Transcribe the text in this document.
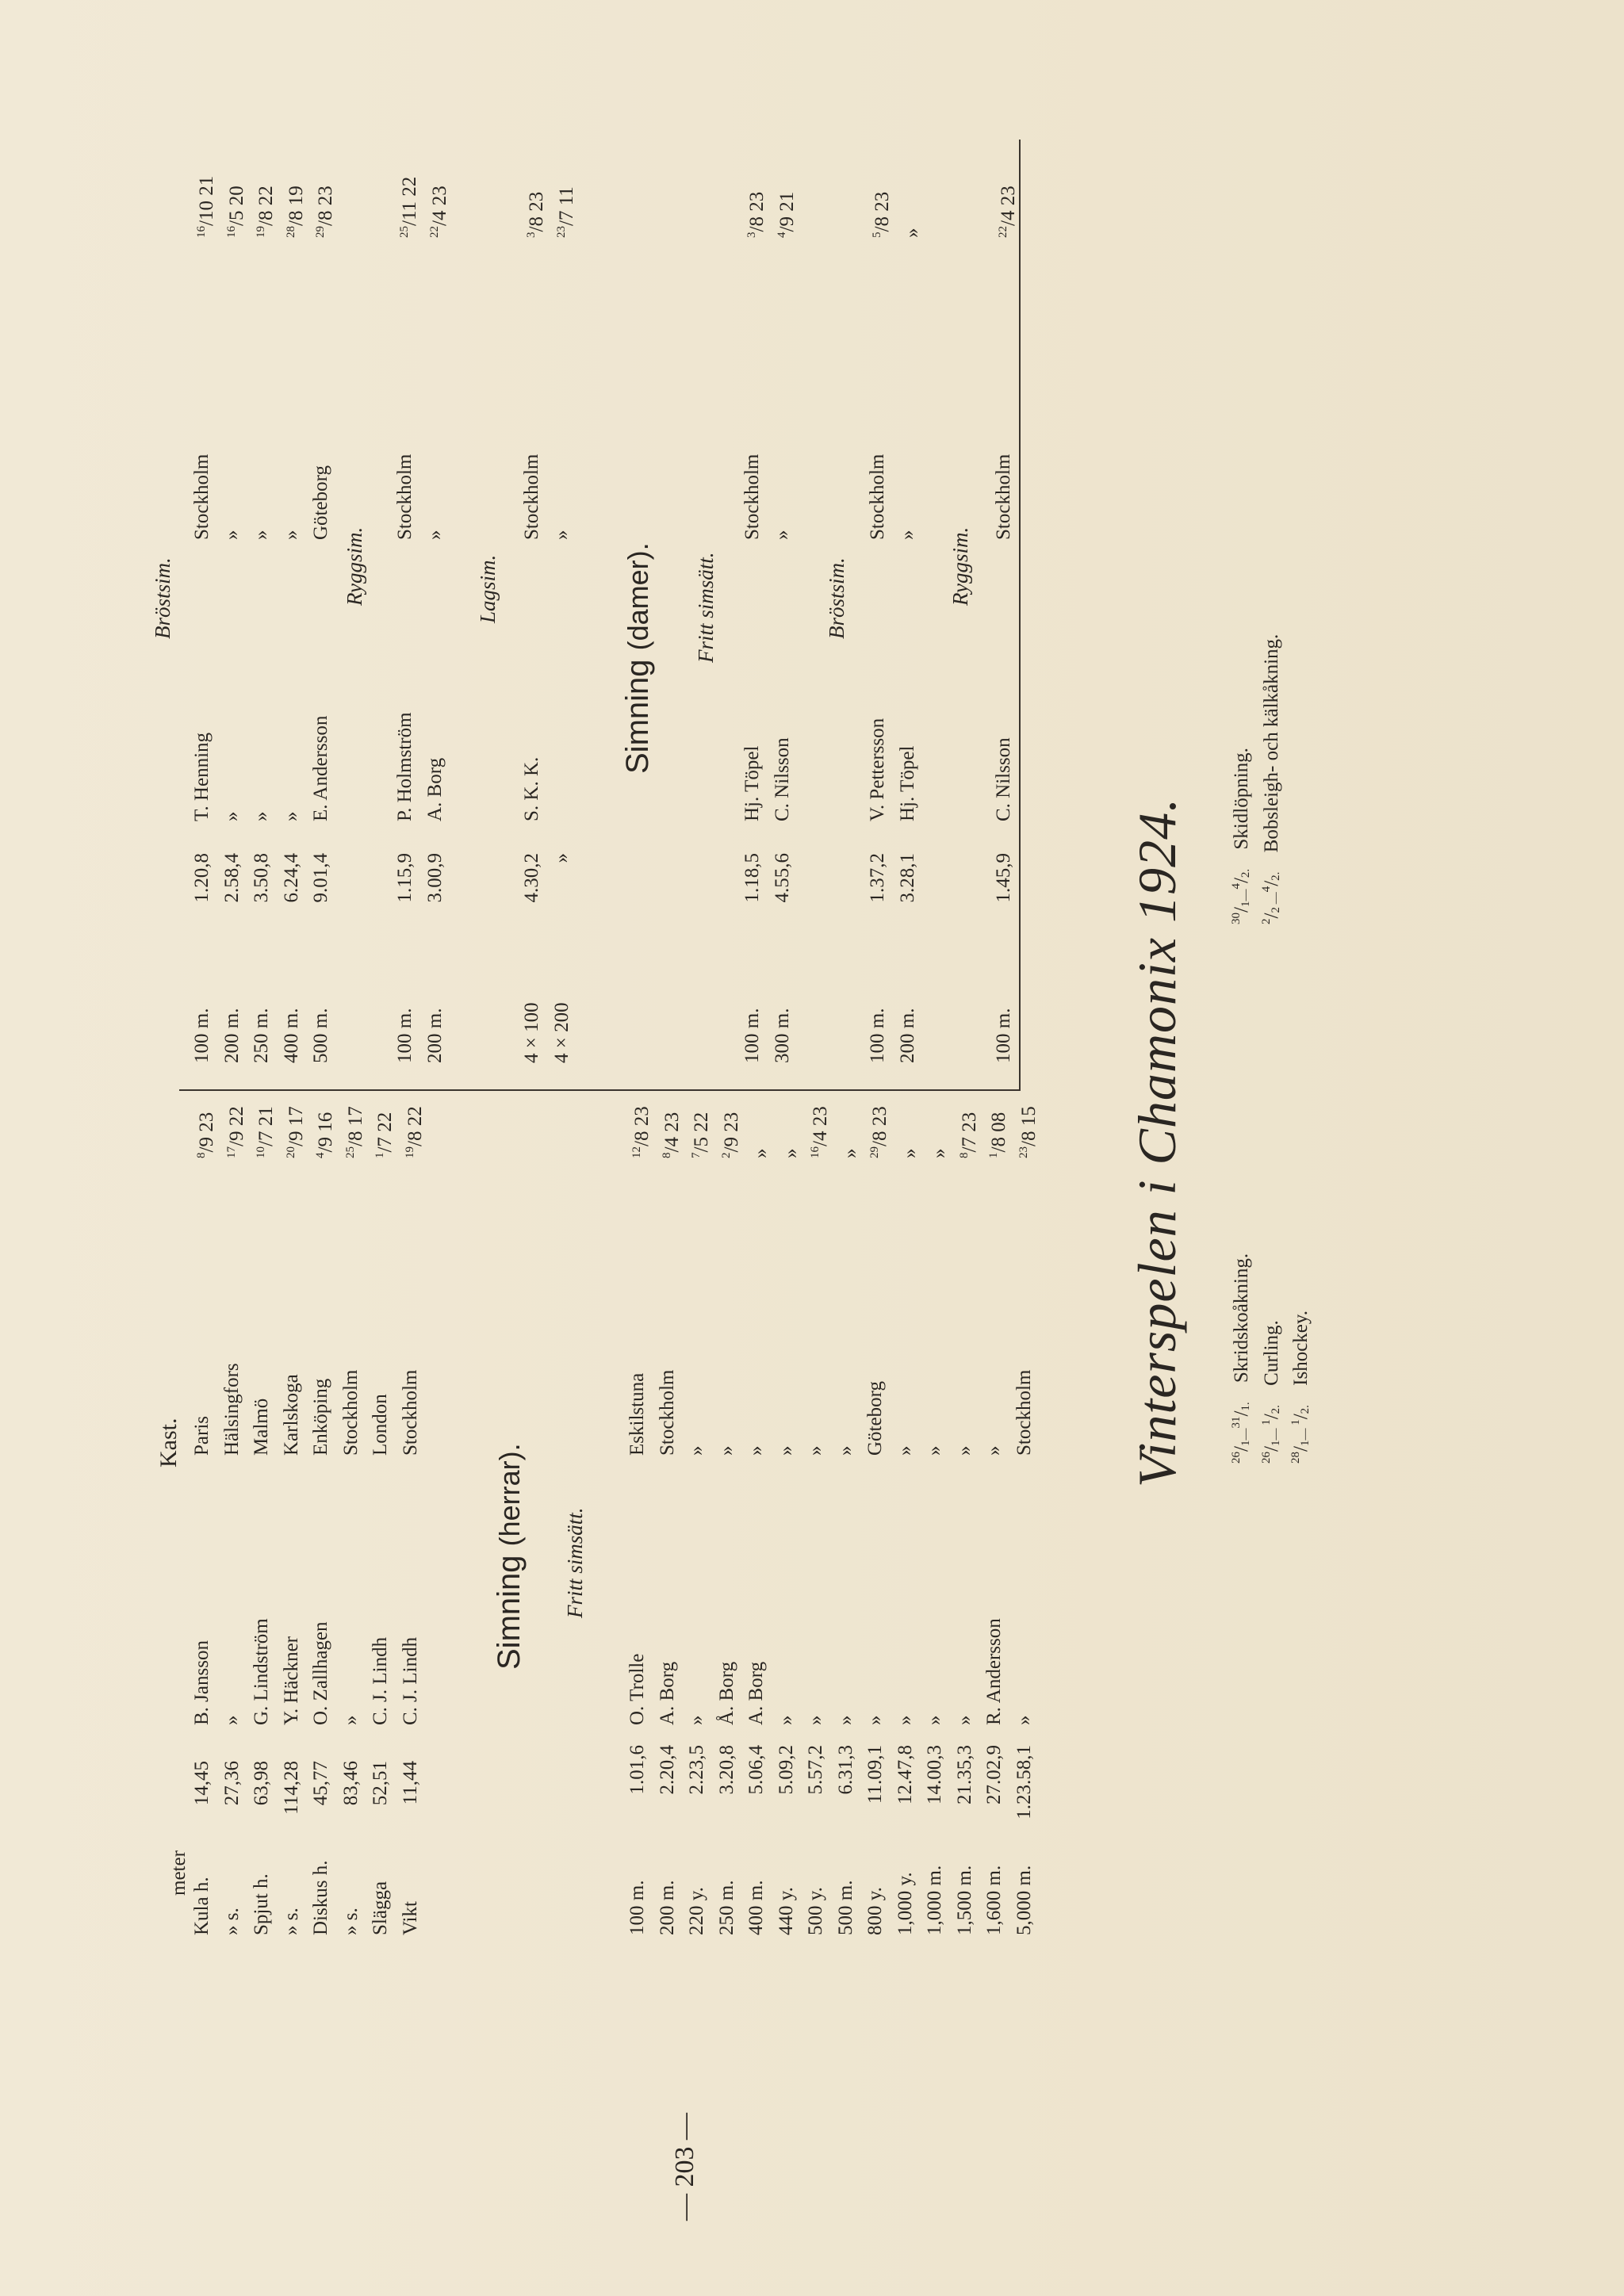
— 203 —
Kast.
meter
Kula h. » s. Spjut h. » s. Diskus h. » s. Slägga Vikt
14,45 27,36 63,98 114,28 45,77 83,46 52,51 11,44
B. Jansson » G. Lindström Y. Häckner O. Zallhagen » C. J. Lindh C. J. Lindh
Paris Hälsingfors Malmö Karlskoga Enköping Stockholm London Stockholm
$^8$/9 23 $^{17}$/9 22
$^{10}$/7 21
$^{20}$/9 17
$^4$/9 16 $^{25}$/8 17
$^1$/7 22 $^{19}$/8 22
Simning (herrar).
Fritt simsätt.
100 m. 200 m. 220 y. 250 m. 400 m. 440 y. 500 y. 500 m. 800 y. 1,000 y. 1,000 m. 1,500 m. 1,600 m. 5,000 m.
1.01,6 2.20,4 2.23,5 3.20,8 5.06,4 5.09,2 5.57,2 6.31,3 11.09,1 12.47,8 14.00,3 21.35,3 27.02,9 1.23.58,1
O. Trolle A. Borg » Å. Borg A. Borg » » » » » » » R. Andersson »
Eskilstuna Stockholm » » » » » » Göteborg » » » » Stockholm
$^{12}$/8 23
$^8$/4 23
$^7$/5 22
$^2$/9 23
» » $^{16}$/4 23
» $^{29}$/8 23
» » $^8$/7 23
$^1$/8 08 $^{23}$/8 15
Bröstsim.
100 m. 200 m. 250 m. 400 m. 500 m.
1.20,8 2.58,4 3.50,8 6.24,4 9.01,4
T. Henning » » » E. Andersson
Stockholm » » » Göteborg
$^{16}$/10 21
$^{16}$/5 20
$^{19}$/8 22
$^{28}$/8 19
$^{29}$/8 23
Ryggsim.
100 m. 200 m.
1.15,9 3.00,9
P. Holmström A. Borg
Stockholm »
$^{25}$/11 22
$^{22}$/4 23
Lagsim.
4 × 100 4 × 200
4.30,2 »
S. K. K.
Stockholm »
$^3$/8 23 $^{23}$/7 11
Simning (damer). Fritt simsätt.
100 m. 300 m.
1.18,5 4.55,6
Hj. Töpel C. Nilsson
Stockholm »
$^3$/8 23
$^4$/9 21
Bröstsim.
100 m. 200 m.
1.37,2 3.28,1
V. Pettersson Hj. Töpel
Stockholm »
$^5$/8 23
»
Ryggsim.
100 m.
1.45,9
C. Nilsson
Stockholm
$^{22}$/4 23
Vinterspelen i Chamonix 1924.	$^{26}$/1—$^{31}$/1. Skridskoåkning.
$^{26}$/1— $^1$/2. Curling.
$^{28}$/1— $^1$/2. Ishockey.
$^{30}$/1—$^4$/2. Skidlöpning.
$^2$/2 —$^4$/2. Bobsleigh- och kälkåkning.
